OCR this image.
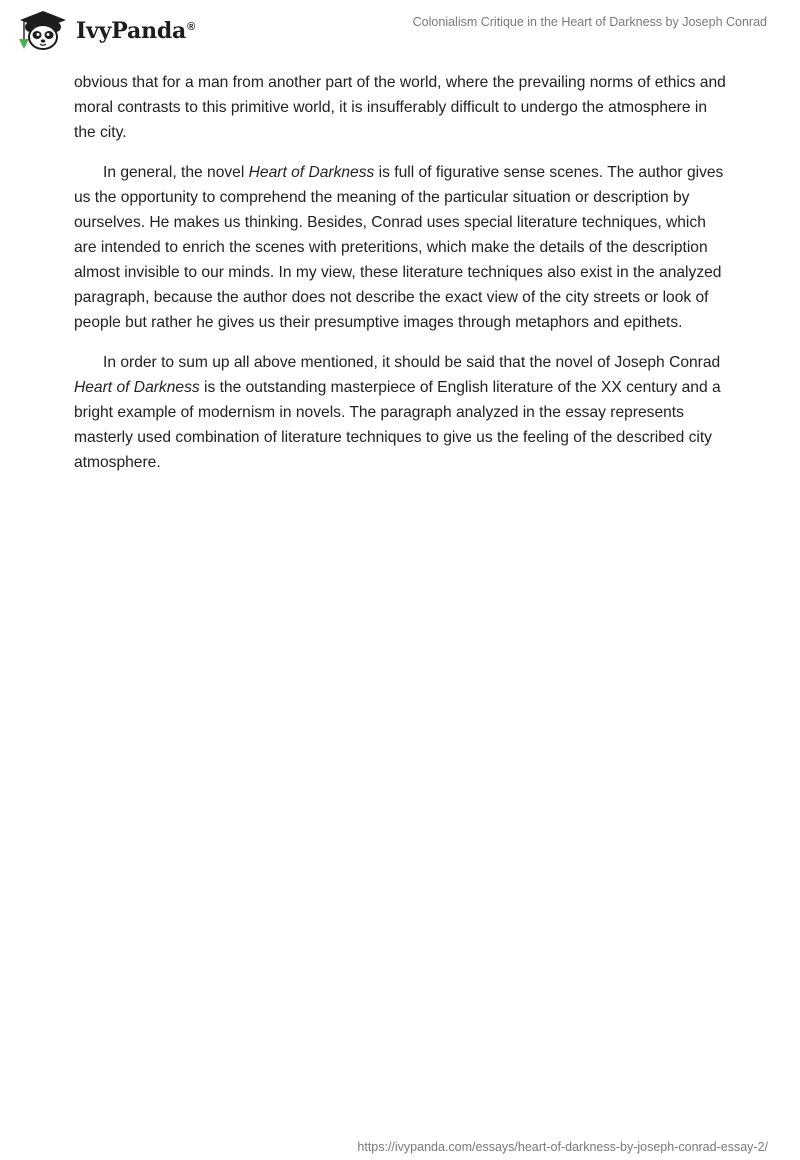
IvyPanda®	Colonialism Critique in the Heart of Darkness by Joseph Conrad

obvious that for a man from another part of the world, where the prevailing norms of ethics and moral contrasts to this primitive world, it is insufferably difficult to undergo the atmosphere in the city.

In general, the novel Heart of Darkness is full of figurative sense scenes. The author gives us the opportunity to comprehend the meaning of the particular situation or description by ourselves. He makes us thinking. Besides, Conrad uses special literature techniques, which are intended to enrich the scenes with preteritions, which make the details of the description almost invisible to our minds. In my view, these literature techniques also exist in the analyzed paragraph, because the author does not describe the exact view of the city streets or look of people but rather he gives us their presumptive images through metaphors and epithets.

In order to sum up all above mentioned, it should be said that the novel of Joseph Conrad Heart of Darkness is the outstanding masterpiece of English literature of the XX century and a bright example of modernism in novels. The paragraph analyzed in the essay represents masterly used combination of literature techniques to give us the feeling of the described city atmosphere.

https://ivypanda.com/essays/heart-of-darkness-by-joseph-conrad-essay-2/
